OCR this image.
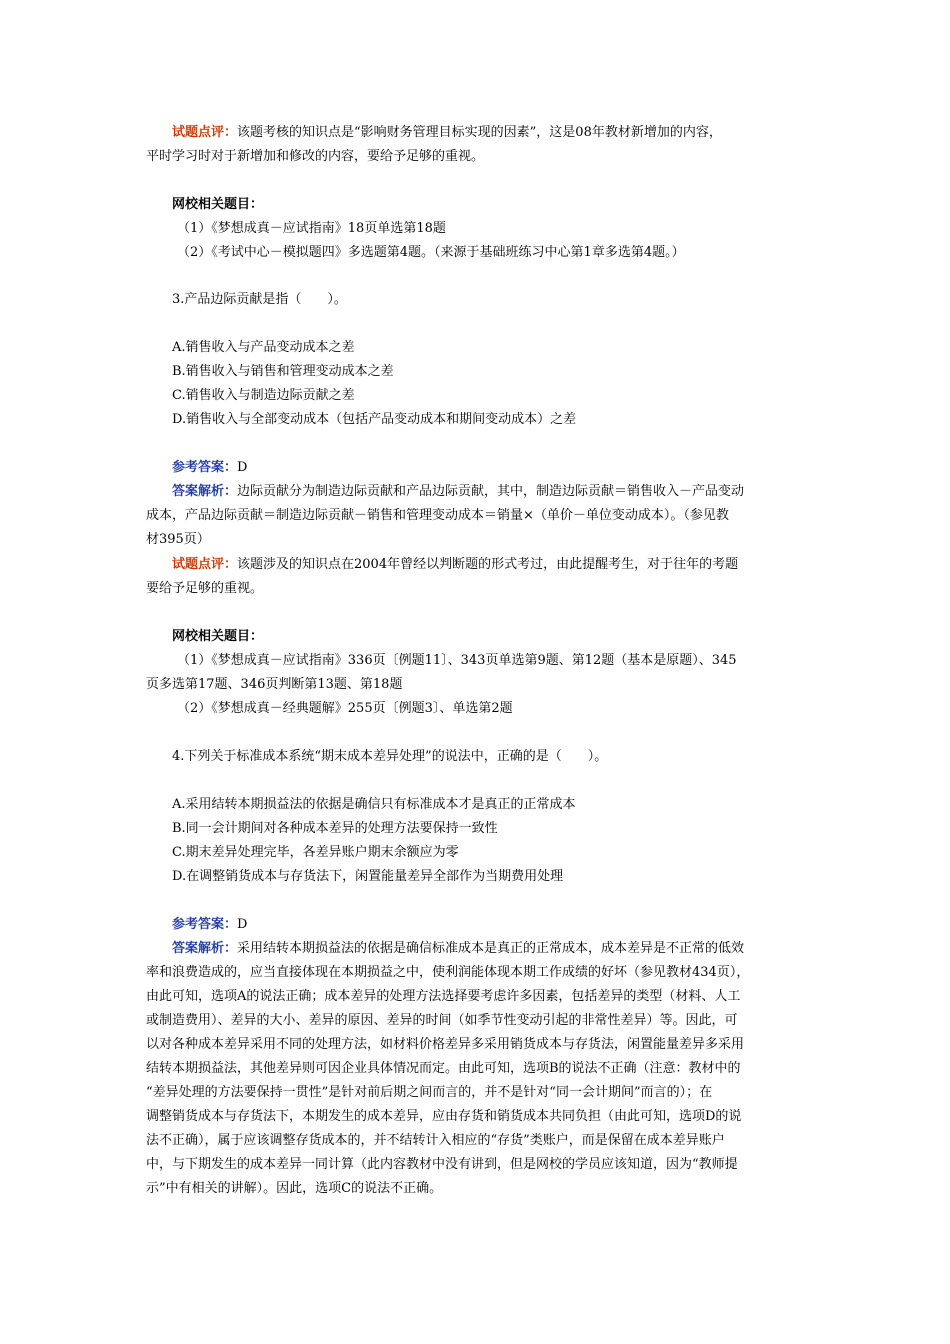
试题点评：该题考核的知识点是“影响财务管理目标实现的因素”，这是08年教材新增加的内容，
平时学习时对于新增加和修改的内容，要给予足够的重视。
网校相关题目：
（1）《梦想成真－应试指南》18页单选第18题
（2）《考试中心－模拟题四》多选题第4题。（来源于基础班练习中心第1章多选第4题。）
3.产品边际贡献是指（　　）。
A.销售收入与产品变动成本之差
B.销售收入与销售和管理变动成本之差
C.销售收入与制造边际贡献之差
D.销售收入与全部变动成本（包括产品变动成本和期间变动成本）之差
参考答案：D
答案解析：边际贡献分为制造边际贡献和产品边际贡献，其中，制造边际贡献＝销售收入－产品变动
成本，产品边际贡献＝制造边际贡献－销售和管理变动成本＝销量×（单价－单位变动成本）。（参见教
材395页）
试题点评：该题涉及的知识点在2004年曾经以判断题的形式考过，由此提醒考生，对于往年的考题
要给予足够的重视。
网校相关题目：
（1）《梦想成真－应试指南》336页〔例题11〕、343页单选第9题、第12题（基本是原题）、345
页多选第17题、346页判断第13题、第18题
（2）《梦想成真－经典题解》255页〔例题3〕、单选第2题
4.下列关于标准成本系统“期末成本差异处理”的说法中，正确的是（　　）。
A.采用结转本期损益法的依据是确信只有标准成本才是真正的正常成本
B.同一会计期间对各种成本差异的处理方法要保持一致性
C.期末差异处理完毕，各差异账户期末余额应为零
D.在调整销货成本与存货法下，闲置能量差异全部作为当期费用处理
参考答案：D
答案解析：采用结转本期损益法的依据是确信标准成本是真正的正常成本，成本差异是不正常的低效
率和浪费造成的，应当直接体现在本期损益之中，使利润能体现本期工作成绩的好坏（参见教材434页），
由此可知，选项A的说法正确；成本差异的处理方法选择要考虑许多因素，包括差异的类型（材料、人工
或制造费用）、差异的大小、差异的原因、差异的时间（如季节性变动引起的非常性差异）等。因此，可
以对各种成本差异采用不同的处理方法，如材料价格差异多采用销货成本与存货法，闲置能量差异多采用
结转本期损益法，其他差异则可因企业具体情况而定。由此可知，选项B的说法不正确（注意：教材中的
“差异处理的方法要保持一贯性”是针对前后期之间而言的，并不是针对“同一会计期间”而言的）；在
调整销货成本与存货法下，本期发生的成本差异，应由存货和销货成本共同负担（由此可知，选项D的说
法不正确），属于应该调整存货成本的，并不结转计入相应的“存货”类账户，而是保留在成本差异账户
中，与下期发生的成本差异一同计算（此内容教材中没有讲到，但是网校的学员应该知道，因为“教师提
示”中有相关的讲解）。因此，选项C的说法不正确。
